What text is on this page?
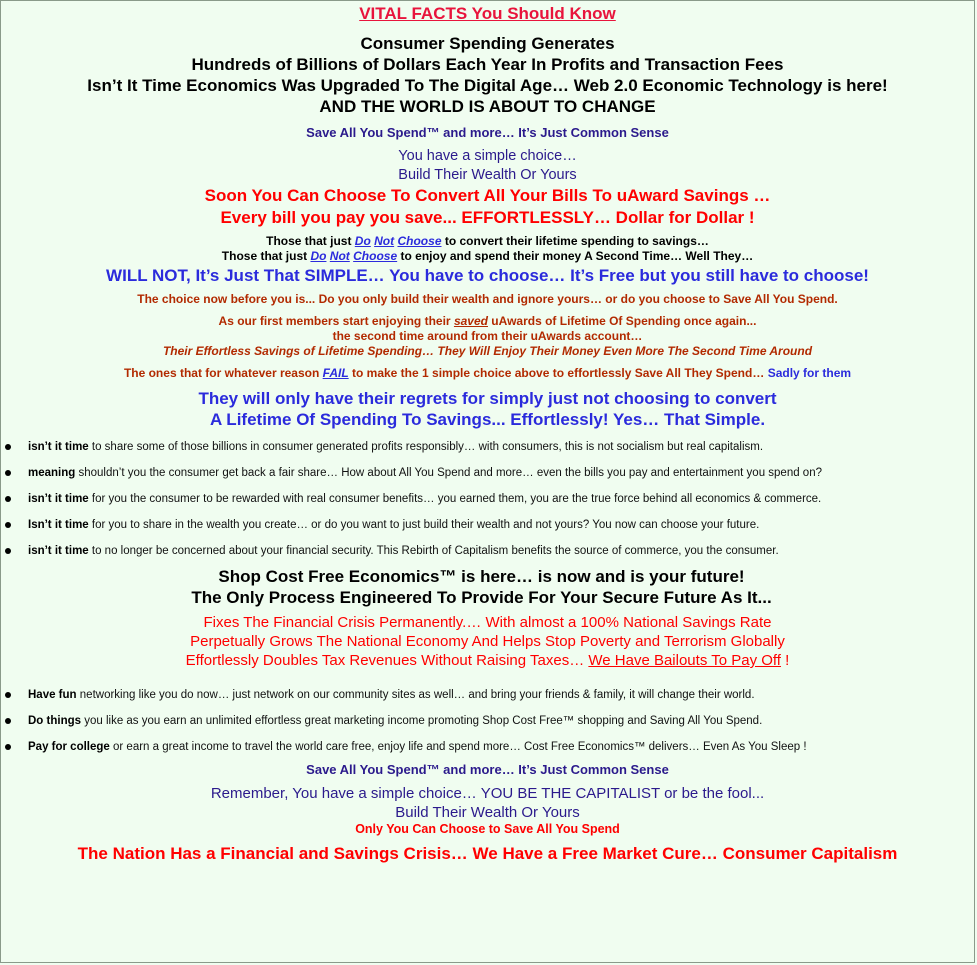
VITAL FACTS You Should Know

Consumer Spending Generates

Hundreds of Billions of Dollars Each Year In Profits and Transaction Fees

Isn’t It Time Economics Was Upgraded To The Digital Age… Web 2.0 Economic Technology is here!

AND THE WORLD IS ABOUT TO CHANGE

Save All You Spend™ and more… It’s Just Common Sense

You have a simple choice…

Build Their Wealth Or Yours

Soon You Can Choose To Convert All Your Bills To uAward Savings …

Every bill you pay you save... EFFORTLESSLY… Dollar for Dollar !

Those that just Do Not Choose to convert their lifetime spending to savings…

Those that just Do Not Choose to enjoy and spend their money A Second Time… Well They…

WILL NOT, It’s Just That SIMPLE… You have to choose… It’s Free but you still have to choose!

The choice now before you is... Do you only build their wealth and ignore yours… or do you choose to Save All You Spend.

As our first members start enjoying their saved uAwards of Lifetime Of Spending once again...

the second time around from their uAwards account…

Their Effortless Savings of Lifetime Spending… They Will Enjoy Their Money Even More The Second Time Around

The ones that for whatever reason FAIL to make the 1 simple choice above to effortlessly Save All They Spend… Sadly for them

They will only have their regrets for simply just not choosing to convert

A Lifetime Of Spending To Savings... Effortlessly! Yes… That Simple.

isn’t it time to share some of those billions in consumer generated profits responsibly… with consumers, this is not socialism but real capitalism.
meaning shouldn’t you the consumer get back a fair share… How about All You Spend and more… even the bills you pay and entertainment you spend on?
isn’t it time for you the consumer to be rewarded with real consumer benefits… you earned them, you are the true force behind all economics & commerce.
Isn’t it time for you to share in the wealth you create… or do you want to just build their wealth and not yours? You now can choose your future.
isn’t it time to no longer be concerned about your financial security. This Rebirth of Capitalism benefits the source of commerce, you the consumer.

Shop Cost Free Economics™ is here… is now and is your future!

The Only Process Engineered To Provide For Your Secure Future As It...

Fixes The Financial Crisis Permanently.… With almost a 100% National Savings Rate

Perpetually Grows The National Economy And Helps Stop Poverty and Terrorism Globally

Effortlessly Doubles Tax Revenues Without Raising Taxes… We Have Bailouts To Pay Off !

Have fun networking like you do now… just network on our community sites as well… and bring your friends & family, it will change their world.
Do things you like as you earn an unlimited effortless great marketing income promoting Shop Cost Free™ shopping and Saving All You Spend.
Pay for college or earn a great income to travel the world care free, enjoy life and spend more… Cost Free Economics™ delivers… Even As You Sleep !

Save All You Spend™ and more… It’s Just Common Sense

Remember, You have a simple choice… YOU BE THE CAPITALIST or be the fool...

Build Their Wealth Or Yours

Only You Can Choose to Save All You Spend

The Nation Has a Financial and Savings Crisis… We Have a Free Market Cure… Consumer Capitalism
